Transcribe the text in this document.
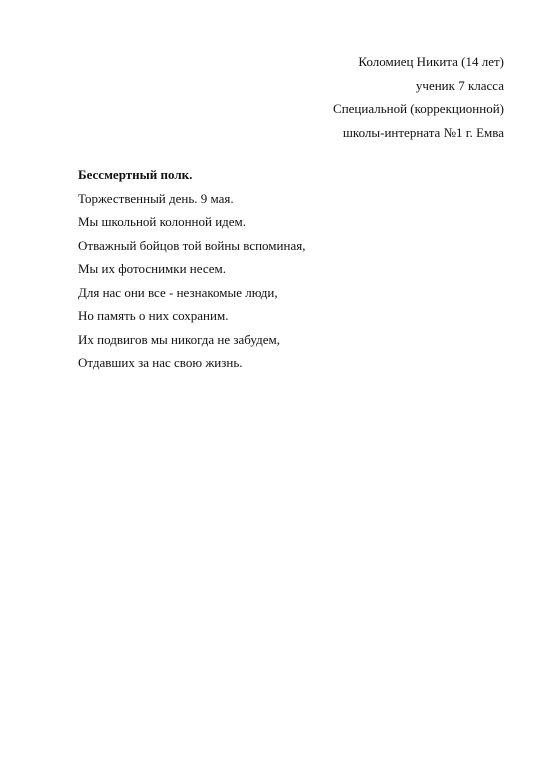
Коломиец Никита (14 лет)
ученик 7 класса
Специальной (коррекционной)
школы-интерната №1 г. Емва
Бессмертный полк.
Торжественный день. 9 мая.
Мы школьной колонной идем.
Отважный бойцов той войны вспоминая,
Мы их фотоснимки несем.
Для нас они все - незнакомые люди,
Но память о них сохраним.
Их подвигов мы никогда не забудем,
Отдавших за нас свою жизнь.
